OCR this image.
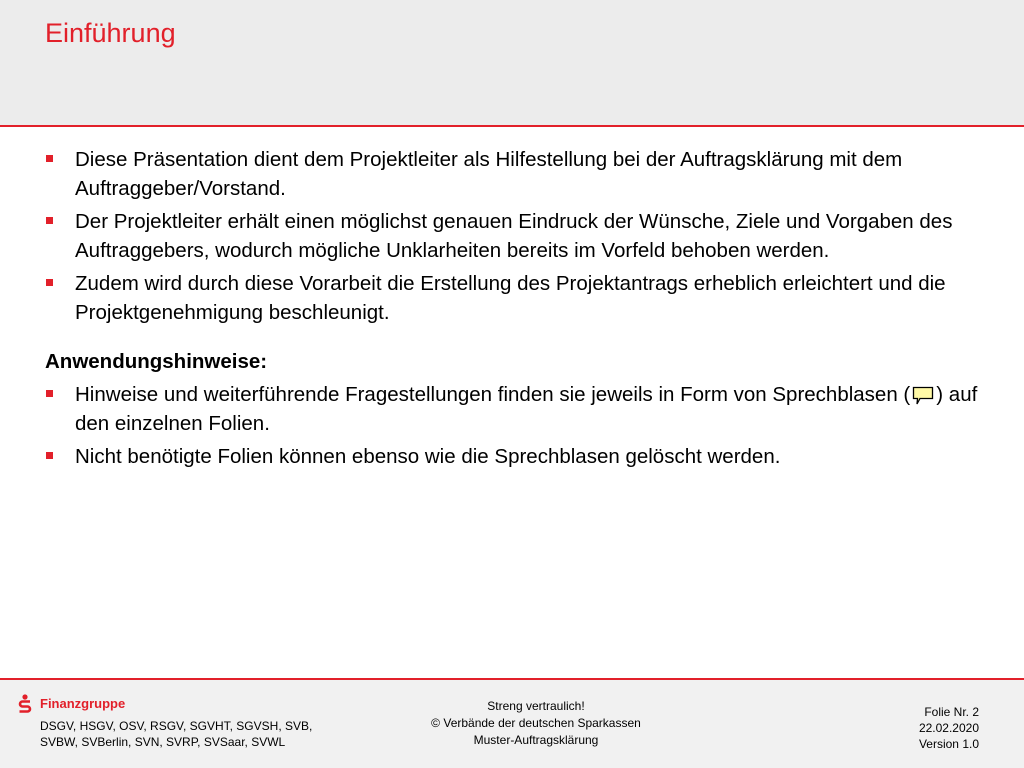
Einführung
Diese Präsentation dient dem Projektleiter als Hilfestellung bei der Auftragsklärung mit dem Auftraggeber/Vorstand.
Der Projektleiter erhält einen möglichst genauen Eindruck der Wünsche, Ziele und Vorgaben des Auftraggebers, wodurch mögliche Unklarheiten bereits im Vorfeld behoben werden.
Zudem wird durch diese Vorarbeit die Erstellung des Projektantrags erheblich erleichtert und die Projektgenehmigung beschleunigt.
Anwendungshinweise:
Hinweise und weiterführende Fragestellungen finden sie jeweils in Form von Sprechblasen ( ) auf den einzelnen Folien.
Nicht benötigte Folien können ebenso wie die Sprechblasen gelöscht werden.
Finanzgruppe
DSGV, HSGV, OSV, RSGV, SGVHT, SGVSH, SVB,
SVBW, SVBerlin, SVN, SVRP, SVSaar, SVWL
Streng vertraulich!
© Verbände der deutschen Sparkassen
Muster-Auftragsklärung
Folie Nr. 2
22.02.2020
Version 1.0
